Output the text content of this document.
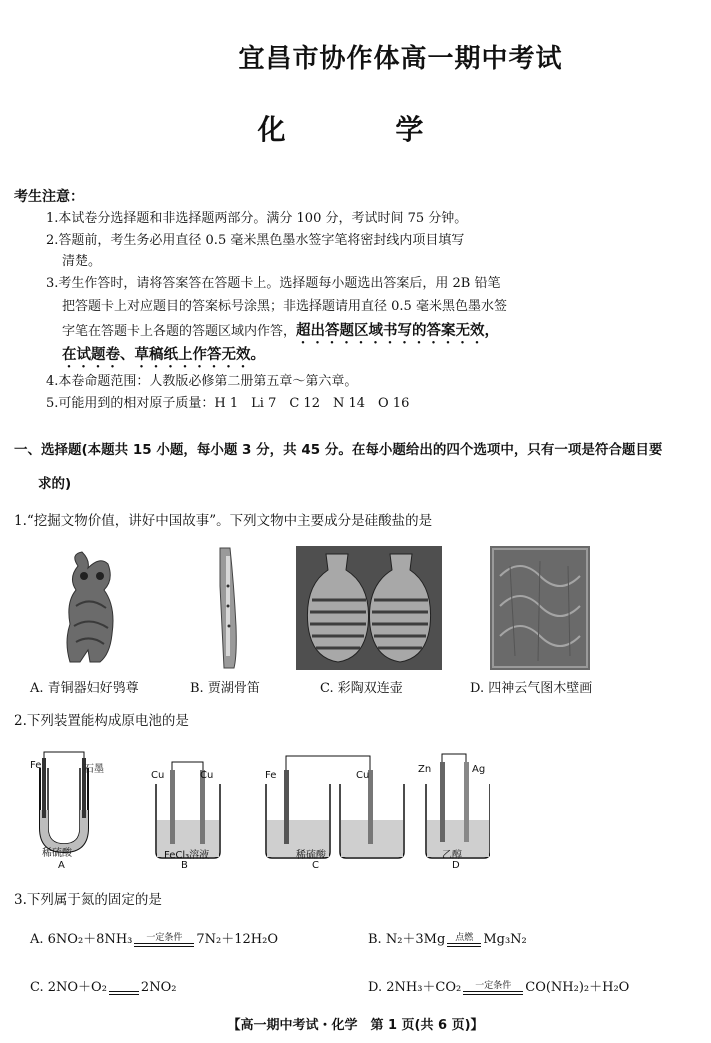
宜昌市协作体高一期中考试
化 学
考生注意：
1.本试卷分选择题和非选择题两部分。满分 100 分，考试时间 75 分钟。
2.答题前，考生务必用直径 0.5 毫米黑色墨水签字笔将密封线内项目填写
清楚。
3.考生作答时，请将答案答在答题卡上。选择题每小题选出答案后，用 2B 铅笔
把答题卡上对应题目的答案标号涂黑；非选择题请用直径 0.5 毫米黑色墨水签
字笔在答题卡上各题的答题区域内作答，超出答题区域书写的答案无效，
在试题卷、草稿纸上作答无效。
4.本卷命题范围：人教版必修第二册第五章～第六章。
5.可能用到的相对原子质量：H 1　Li 7　C 12　N 14　O 16
一、选择题(本题共 15 小题，每小题 3 分，共 45 分。在每小题给出的四个选项中，只有一项是符合题目要
求的)
1.“挖掘文物价值，讲好中国故事”。下列文物中主要成分是硅酸盐的是
A. 青铜器妇好鸮尊	B. 贾湖骨笛	C. 彩陶双连壶	D. 四神云气图木壁画
2.下列装置能构成原电池的是
Fe	石墨
稀硫酸
A
Cu	Cu
FeCl₃溶液
B
Fe	Cu
稀硫酸
C
Zn	Ag
乙醇
D
3.下列属于氮的固定的是
A. 6NO₂＋8NH₃	一定条件	7N₂＋12H₂O	B. N₂＋3Mg	点燃 Mg₃N₂
C. 2NO＋O₂
	2NO₂	D. 2NH₃＋CO₂	一定条件	CO(NH₂)₂＋H₂O
【高一期中考试・化学　第 1 页(共 6 页)】
